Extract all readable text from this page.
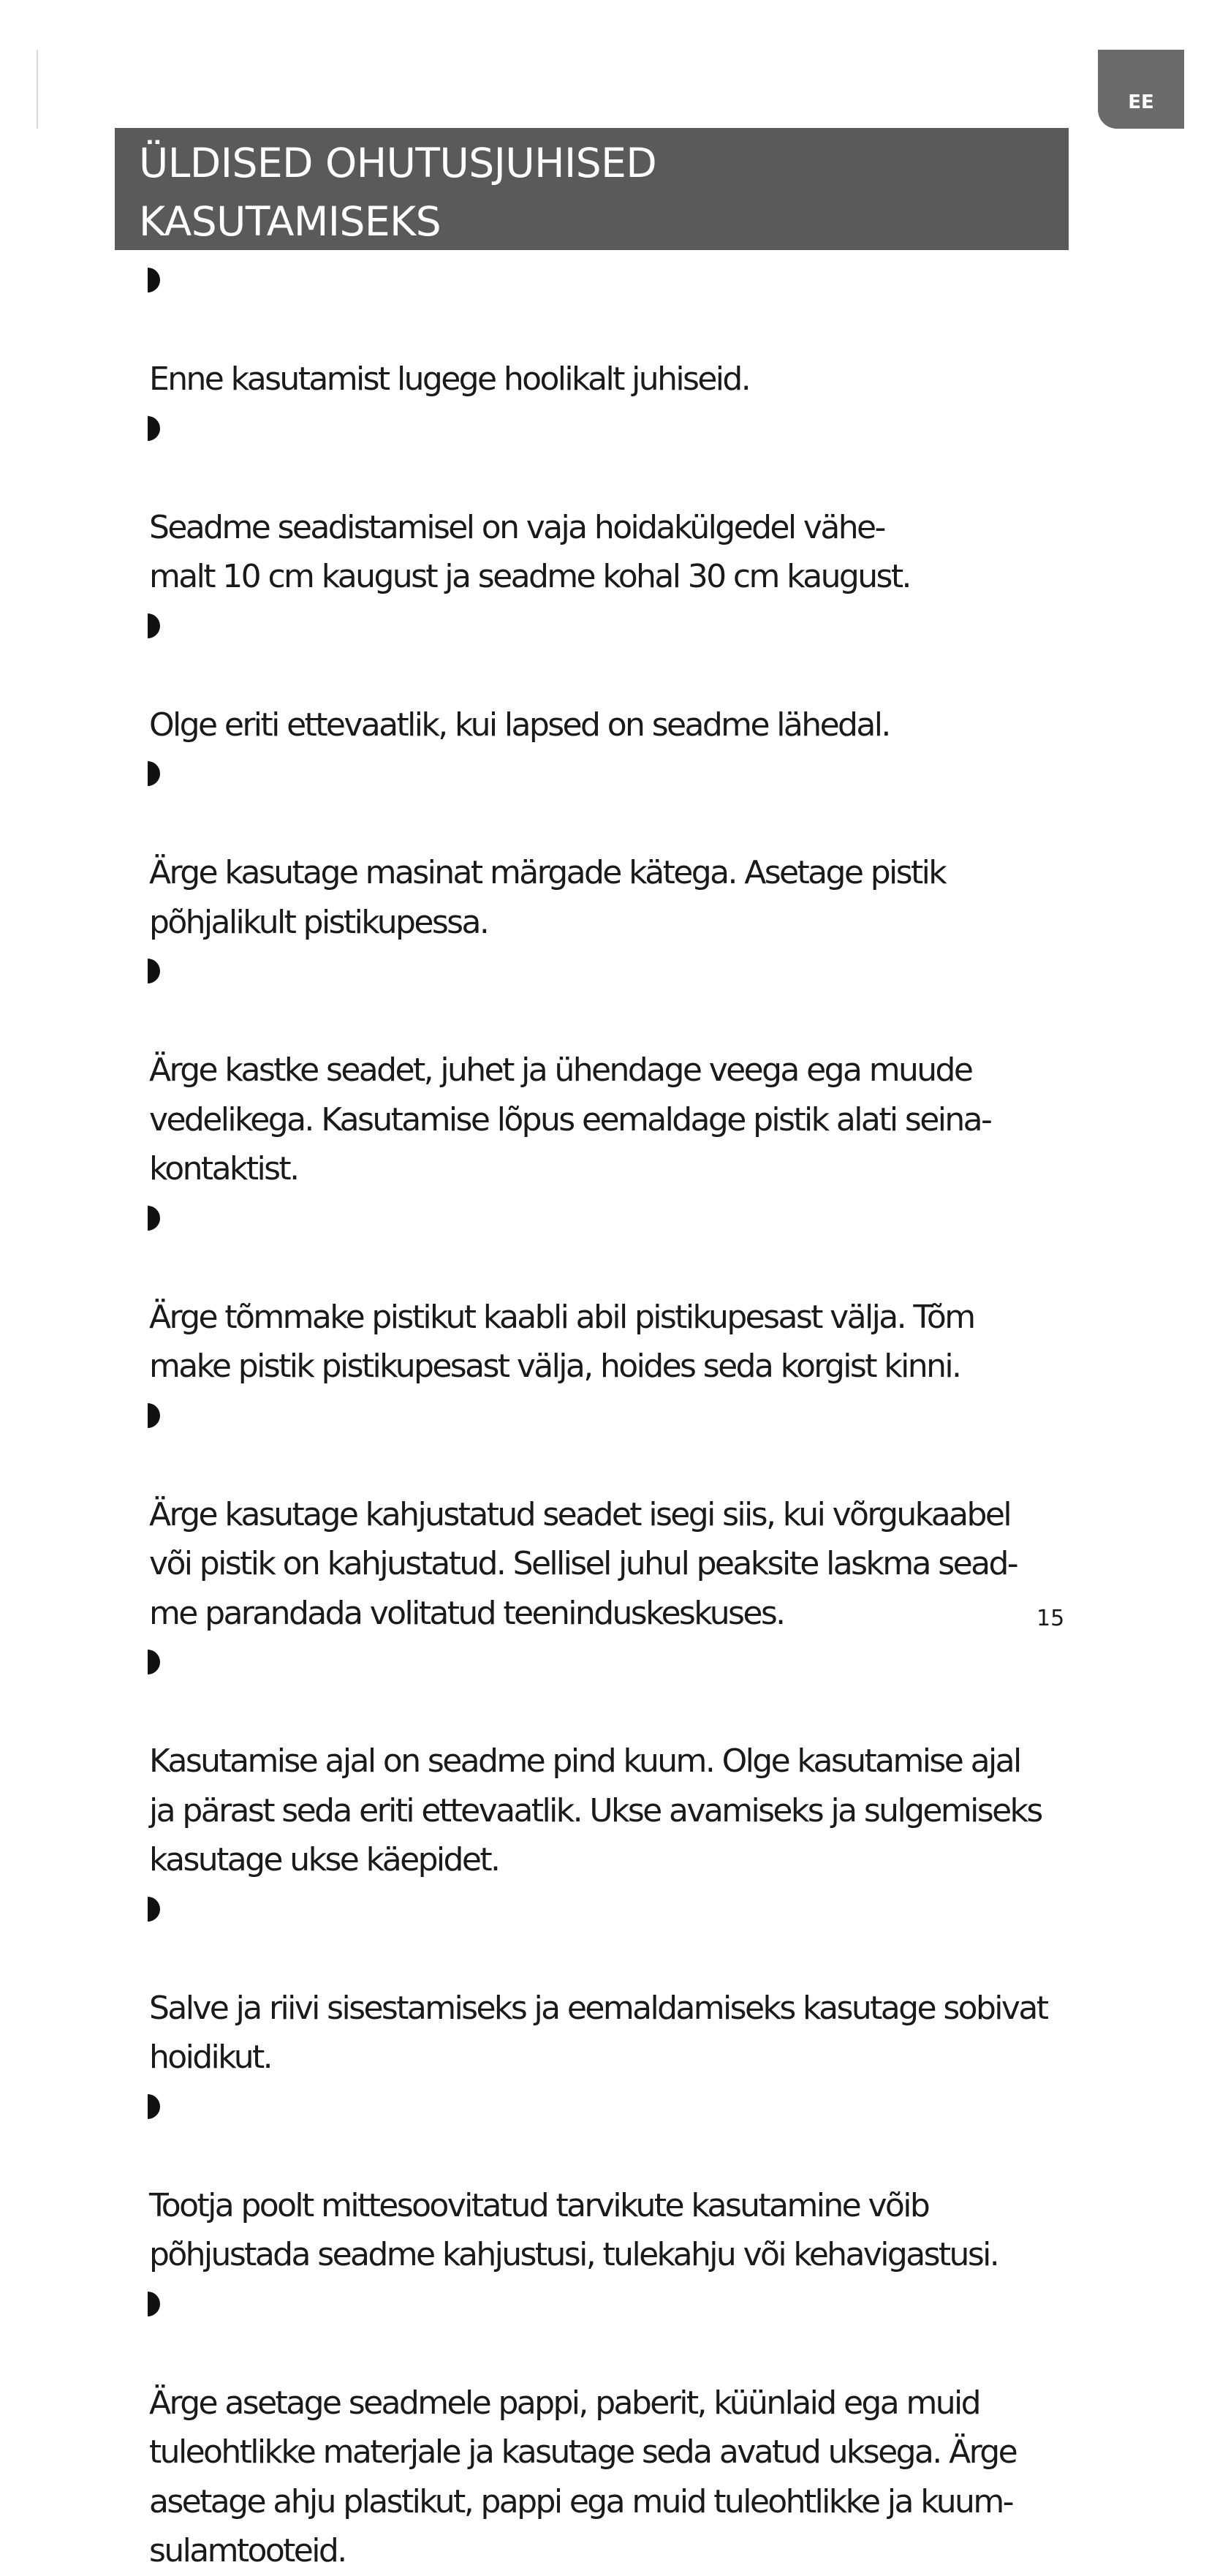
EE
ÜLDISED OHUTUSJUHISED
KASUTAMISEKS

Enne kasutamist lugege hoolikalt juhiseid.

Seadme seadistamisel on vaja hoidakülgedel vähe-
malt 10 cm kaugust ja seadme kohal 30 cm kaugust.

Olge eriti ettevaatlik, kui lapsed on seadme lähedal.

Ärge kasutage masinat märgade kätega. Asetage pistik
põhjalikult pistikupessa.

Ärge kastke seadet, juhet ja ühendage veega ega muude
vedelikega. Kasutamise lõpus eemaldage pistik alati seina-
kontaktist.

Ärge tõmmake pistikut kaabli abil pistikupesast välja. Tõm
make pistik pistikupesast välja, hoides seda korgist kinni.

Ärge kasutage kahjustatud seadet isegi siis, kui võrgukaabel
või pistik on kahjustatud. Sellisel juhul peaksite laskma sead-
me parandada volitatud teeninduskeskuses.

Kasutamise ajal on seadme pind kuum. Olge kasutamise ajal
ja pärast seda eriti ettevaatlik. Ukse avamiseks ja sulgemiseks
kasutage ukse käepidet.

Salve ja riivi sisestamiseks ja eemaldamiseks kasutage sobivat
hoidikut.

Tootja poolt mittesoovitatud tarvikute kasutamine võib
põhjustada seadme kahjustusi, tulekahju või kehavigastusi.

Ärge asetage seadmele pappi, paberit, küünlaid ega muid
tuleohtlikke materjale ja kasutage seda avatud uksega. Ärge
asetage ahju plastikut, pappi ega muid tuleohtlikke ja kuum-
sulamtooteid.

15
